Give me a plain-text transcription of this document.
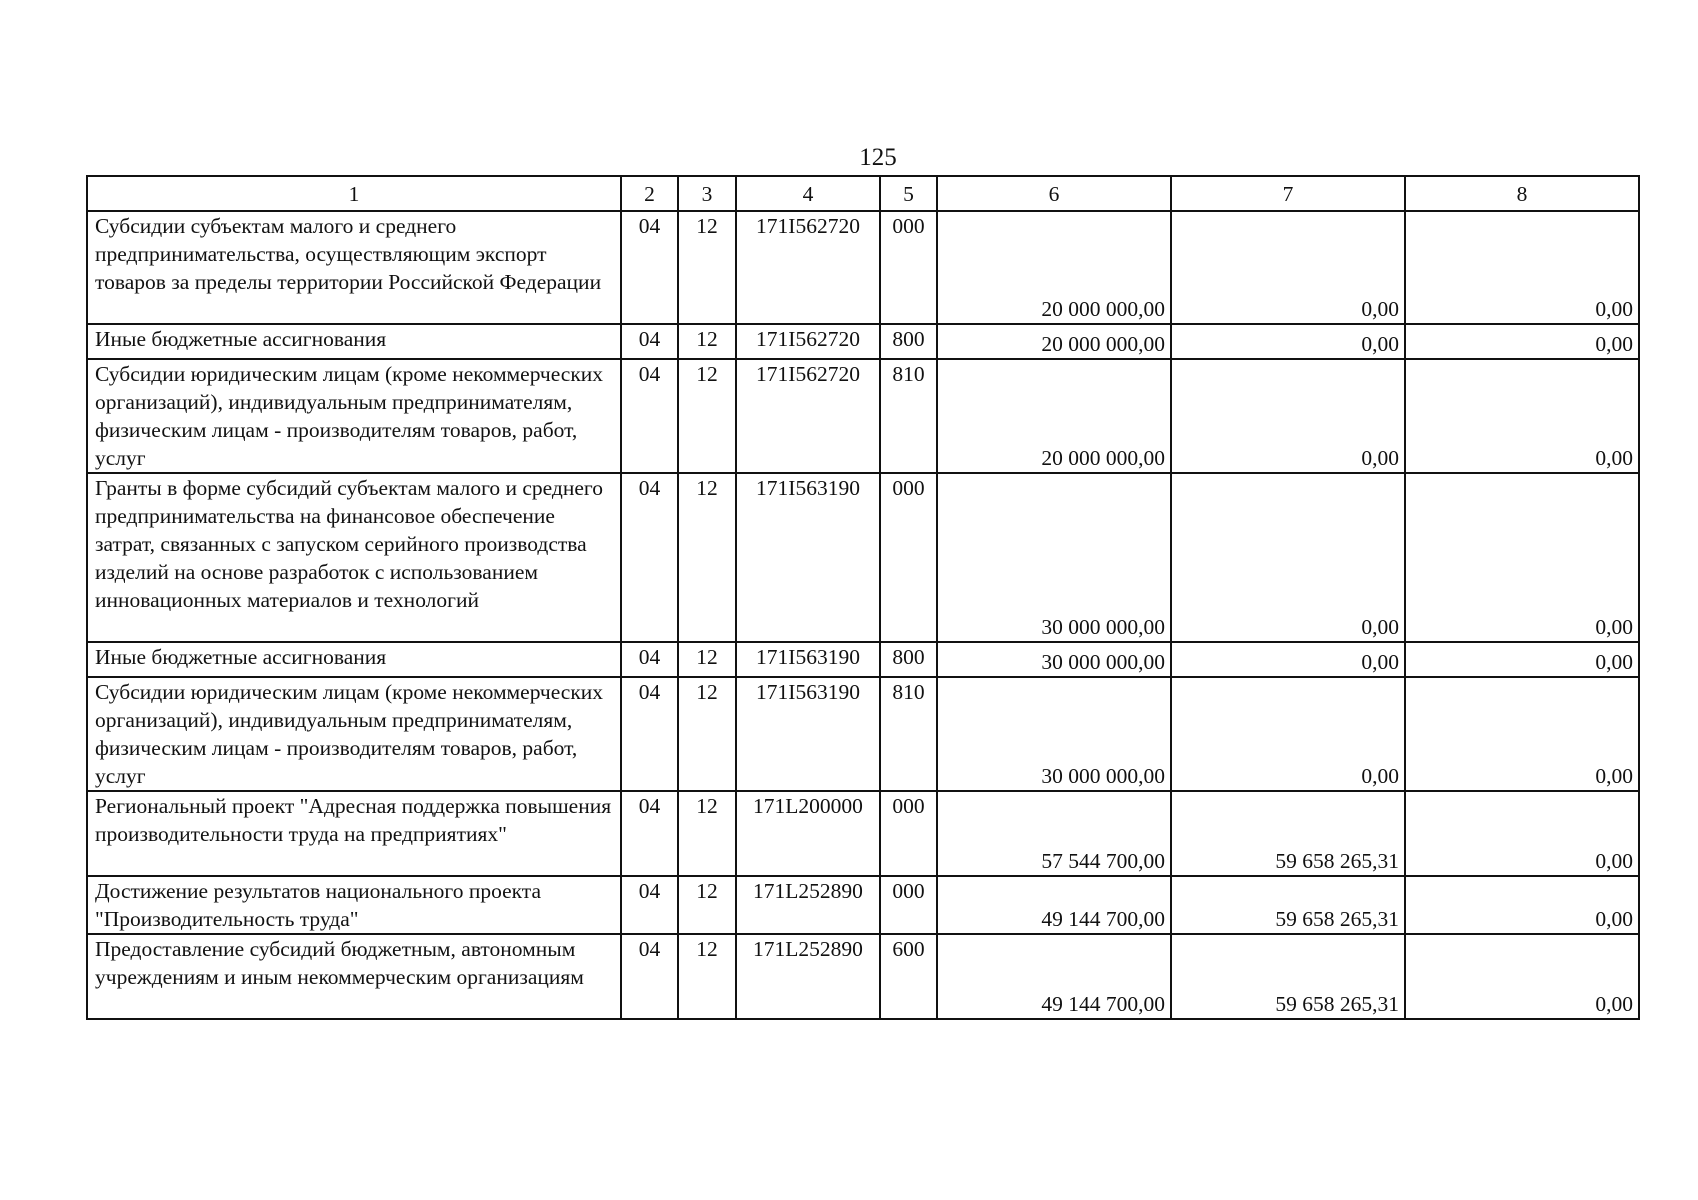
125
1	2	3	4	5	6	7	8
Субсидии субъектам малого и среднего предпринимательства, осуществляющим экспорт товаров за пределы территории Российской Федерации	04	12	171I562720	000	20 000 000,00	0,00	0,00
Иные бюджетные ассигнования	04	12	171I562720	800	20 000 000,00	0,00	0,00
Субсидии юридическим лицам (кроме некоммерческих организаций), индивидуальным предпринимателям, физическим лицам - производителям товаров, работ, услуг	04	12	171I562720	810	20 000 000,00	0,00	0,00
Гранты в форме субсидий субъектам малого и среднего предпринимательства на финансовое обеспечение затрат, связанных с запуском серийного производства изделий на основе разработок с использованием инновационных материалов и технологий	04	12	171I563190	000	30 000 000,00	0,00	0,00
Иные бюджетные ассигнования	04	12	171I563190	800	30 000 000,00	0,00	0,00
Субсидии юридическим лицам (кроме некоммерческих организаций), индивидуальным предпринимателям, физическим лицам - производителям товаров, работ, услуг	04	12	171I563190	810	30 000 000,00	0,00	0,00
Региональный проект "Адресная поддержка повышения производительности труда на предприятиях"	04	12	171L200000	000	57 544 700,00	59 658 265,31	0,00
Достижение результатов национального проекта "Производительность труда"	04	12	171L252890	000	49 144 700,00	59 658 265,31	0,00
Предоставление субсидий бюджетным, автономным учреждениям и иным некоммерческим организациям	04	12	171L252890	600	49 144 700,00	59 658 265,31	0,00
